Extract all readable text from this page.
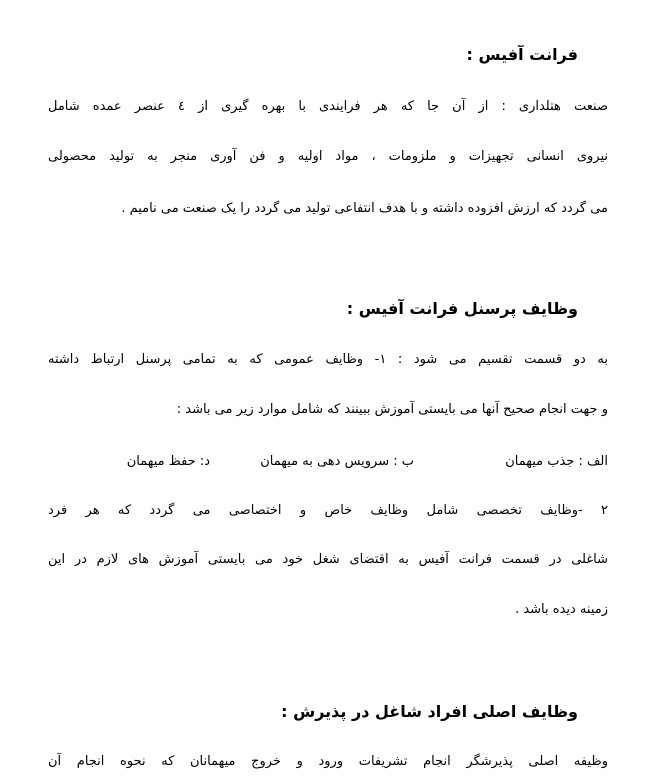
فرانت آفیس :
صنعت هتلداری : از آن جا که هر فرایندی با بهره گیری از ٤ عنصر عمده شامل
نیروی انسانی تجهیزات و ملزومات ، مواد اولیه و فن آوری منجر به تولید محصولی
می گردد که ارزش افزوده داشته و با هدف انتفاعی تولید می گردد را یک صنعت می نامیم .
وظایف پرسنل فرانت آفیس :
به دو قسمت تقسیم می شود : ۱- وظایف عمومی که به تمامی پرسنل ارتباط داشته
و جهت انجام صحیح آنها می بایستی آموزش ببینند که شامل موارد زیر می باشد :
الف : جذب میهمان
ب : سرویس دهی به میهمان
د: حفظ میهمان
۲ -وظایف تخصصی شامل وظایف خاص و اختصاصی می گردد که هر فرد
شاغلی در قسمت فرانت آفیس به اقتضای شغل خود می بایستی آموزش های لازم در این
زمینه دیده باشد .
وظایف اصلی افراد شاغل در پذیرش :
وظیفه اصلی پذیرشگر انجام تشریفات ورود و خروج میهمانان که نحوه انجام آن
